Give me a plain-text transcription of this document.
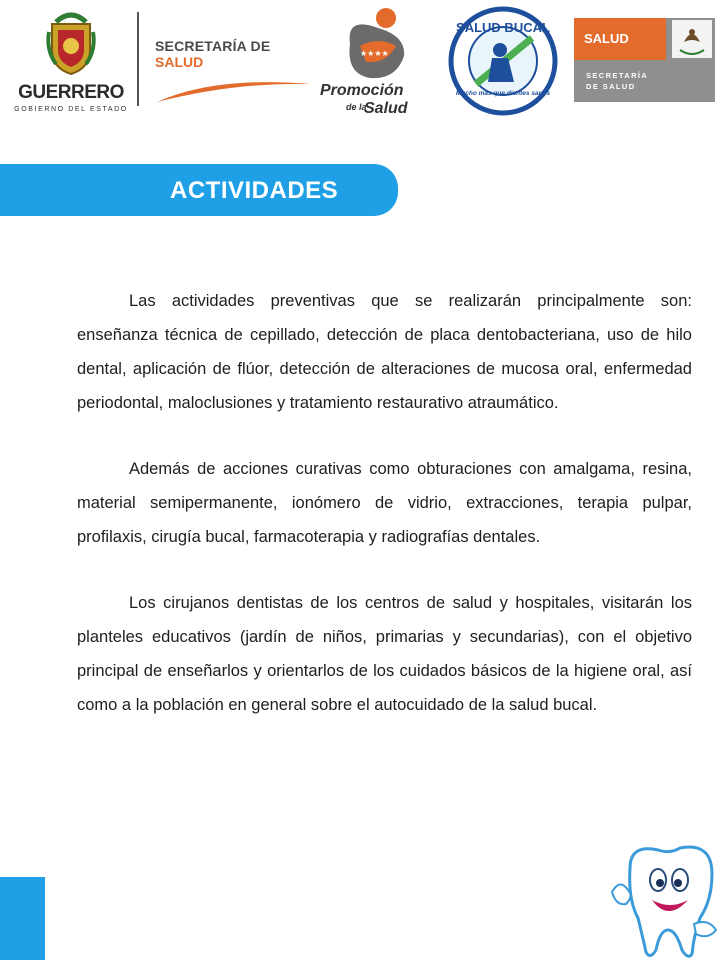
GUERRERO
GOBIERNO DEL ESTADO
SECRETARÍA DE
SALUD
★★★★
Promoción
de la
Salud
SALUD BUCAL
Mucho más que dientes sanos
SALUD
SECRETARÍA
DE SALUD
ACTIVIDADES

Las actividades preventivas que se realizarán principalmente son: enseñanza técnica de cepillado, detección de placa dentobacteriana, uso de hilo dental, aplicación de flúor, detección de alteraciones de mucosa oral, enfermedad periodontal, maloclusiones y tratamiento restaurativo atraumático.

Además de acciones curativas como obturaciones con amalgama, resina, material semipermanente, ionómero de vidrio, extracciones, terapia pulpar, profilaxis, cirugía bucal, farmacoterapia y radiografías dentales.

Los cirujanos dentistas de los centros de salud y hospitales, visitarán los planteles educativos (jardín de niños, primarias y secundarias), con el objetivo principal de enseñarlos y orientarlos de los cuidados básicos de la higiene oral, así como a la población en general sobre el autocuidado de la salud bucal.
